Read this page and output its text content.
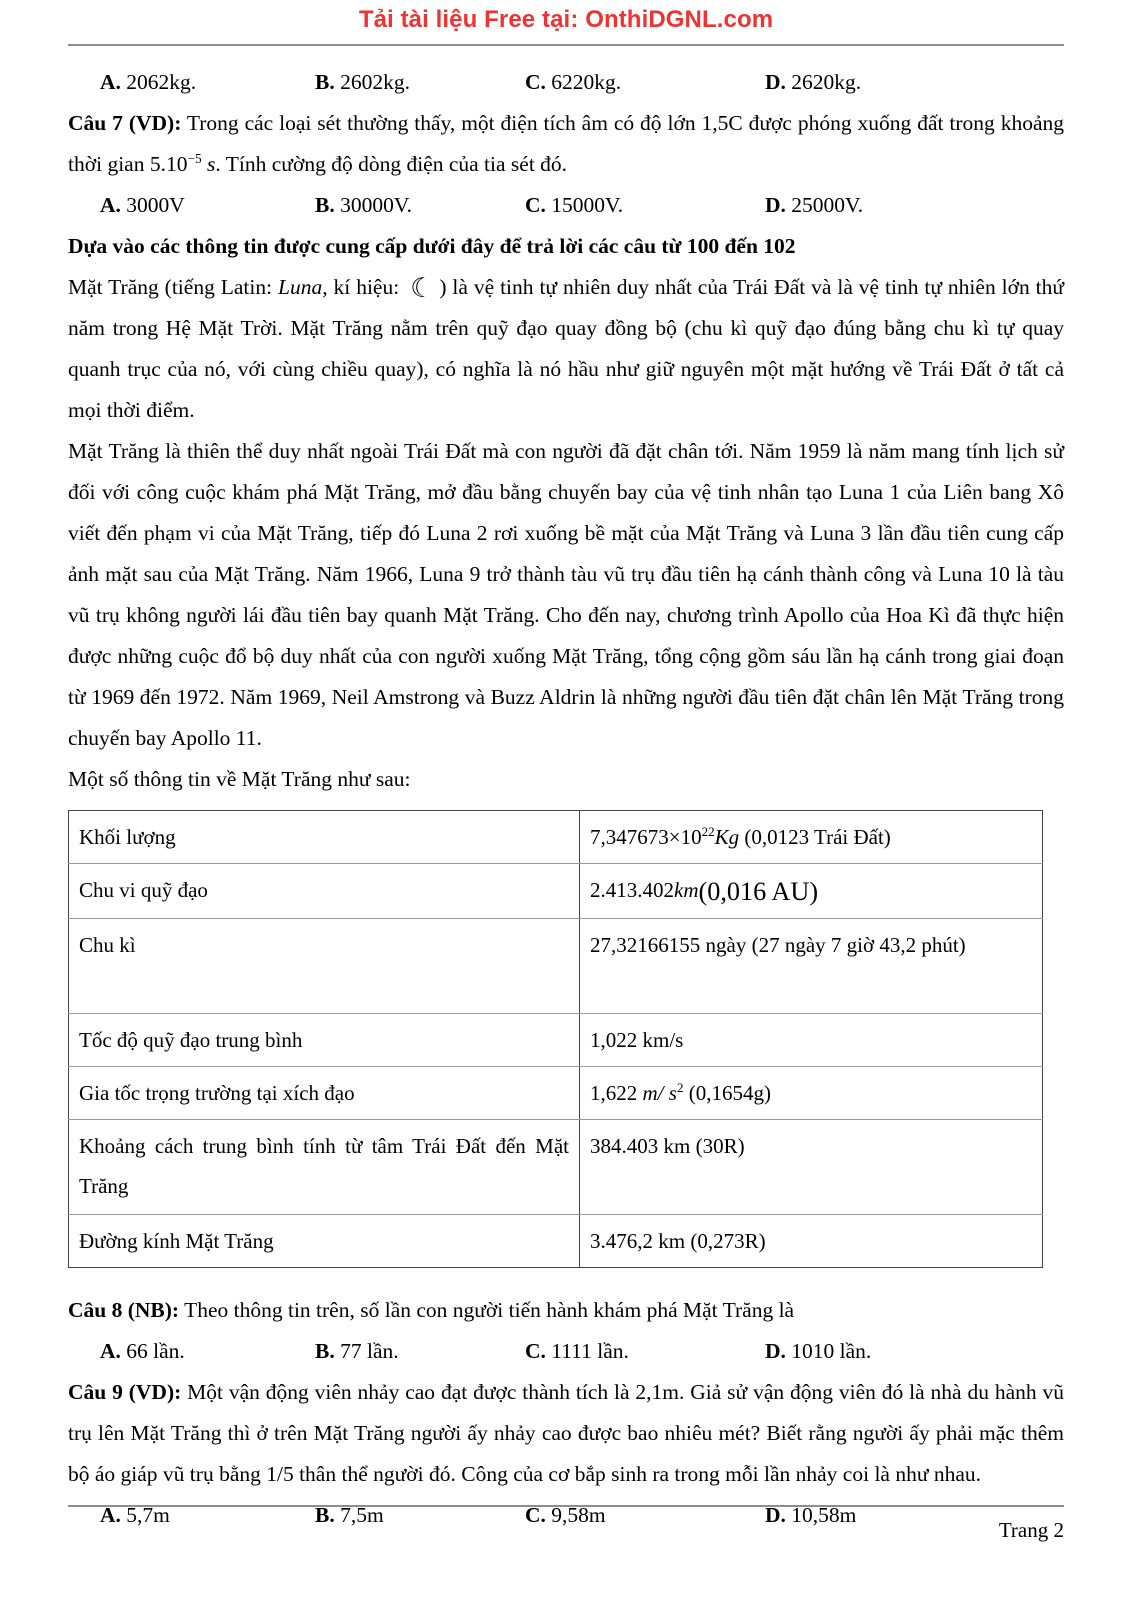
Tải tài liệu Free tại: OnthiDGNL.com
A. 2062kg.	B. 2602kg.	C. 6220kg.	D. 2620kg.

Câu 7 (VD): Trong các loại sét thường thấy, một điện tích âm có độ lớn 1,5C được phóng xuống đất trong khoảng thời gian $5.10^{-5}$ s. Tính cường độ dòng điện của tia sét đó.

A. 3000V	B. 30000V.	C. 15000V.	D. 25000V.

Dựa vào các thông tin được cung cấp dưới đây để trả lời các câu từ 100 đến 102

Mặt Trăng (tiếng Latin: Luna, kí hiệu: ☾ ) là vệ tinh tự nhiên duy nhất của Trái Đất và là vệ tinh tự nhiên lớn thứ năm trong Hệ Mặt Trời. Mặt Trăng nằm trên quỹ đạo quay đồng bộ (chu kì quỹ đạo đúng bằng chu kì tự quay quanh trục của nó, với cùng chiều quay), có nghĩa là nó hầu như giữ nguyên một mặt hướng về Trái Đất ở tất cả mọi thời điểm.

Mặt Trăng là thiên thể duy nhất ngoài Trái Đất mà con người đã đặt chân tới. Năm 1959 là năm mang tính lịch sử đối với công cuộc khám phá Mặt Trăng, mở đầu bằng chuyến bay của vệ tinh nhân tạo Luna 1 của Liên bang Xô viết đến phạm vi của Mặt Trăng, tiếp đó Luna 2 rơi xuống bề mặt của Mặt Trăng và Luna 3 lần đầu tiên cung cấp ảnh mặt sau của Mặt Trăng. Năm 1966, Luna 9 trở thành tàu vũ trụ đầu tiên hạ cánh thành công và Luna 10 là tàu vũ trụ không người lái đầu tiên bay quanh Mặt Trăng. Cho đến nay, chương trình Apollo của Hoa Kì đã thực hiện được những cuộc đổ bộ duy nhất của con người xuống Mặt Trăng, tổng cộng gồm sáu lần hạ cánh trong giai đoạn từ 1969 đến 1972. Năm 1969, Neil Amstrong và Buzz Aldrin là những người đầu tiên đặt chân lên Mặt Trăng trong chuyến bay Apollo 11.

Một số thông tin về Mặt Trăng như sau:

Khối lượng	$7,347673\times 10^{22}Kg$ (0,0123 Trái Đất)
Chu vi quỹ đạo	2.413.402km(0,016 AU)
Chu kì	27,32166155 ngày (27 ngày 7 giờ 43,2 phút)
Tốc độ quỹ đạo trung bình	1,022 km/s
Gia tốc trọng trường tại xích đạo	1,622 m/ $s^2$ (0,1654g)
Khoảng cách trung bình tính từ tâm Trái Đất đến Mặt Trăng	384.403 km (30R)
Đường kính Mặt Trăng	3.476,2 km (0,273R)

Câu 8 (NB): Theo thông tin trên, số lần con người tiến hành khám phá Mặt Trăng là

A. 66 lần.	B. 77 lần.	C. 1111 lần.	D. 1010 lần.

Câu 9 (VD): Một vận động viên nhảy cao đạt được thành tích là 2,1m. Giả sử vận động viên đó là nhà du hành vũ trụ lên Mặt Trăng thì ở trên Mặt Trăng người ấy nhảy cao được bao nhiêu mét? Biết rằng người ấy phải mặc thêm bộ áo giáp vũ trụ bằng 1/5 thân thể người đó. Công của cơ bắp sinh ra trong mỗi lần nhảy coi là như nhau.

A. 5,7m	B. 7,5m	C. 9,58m	D. 10,58m
Trang 2
